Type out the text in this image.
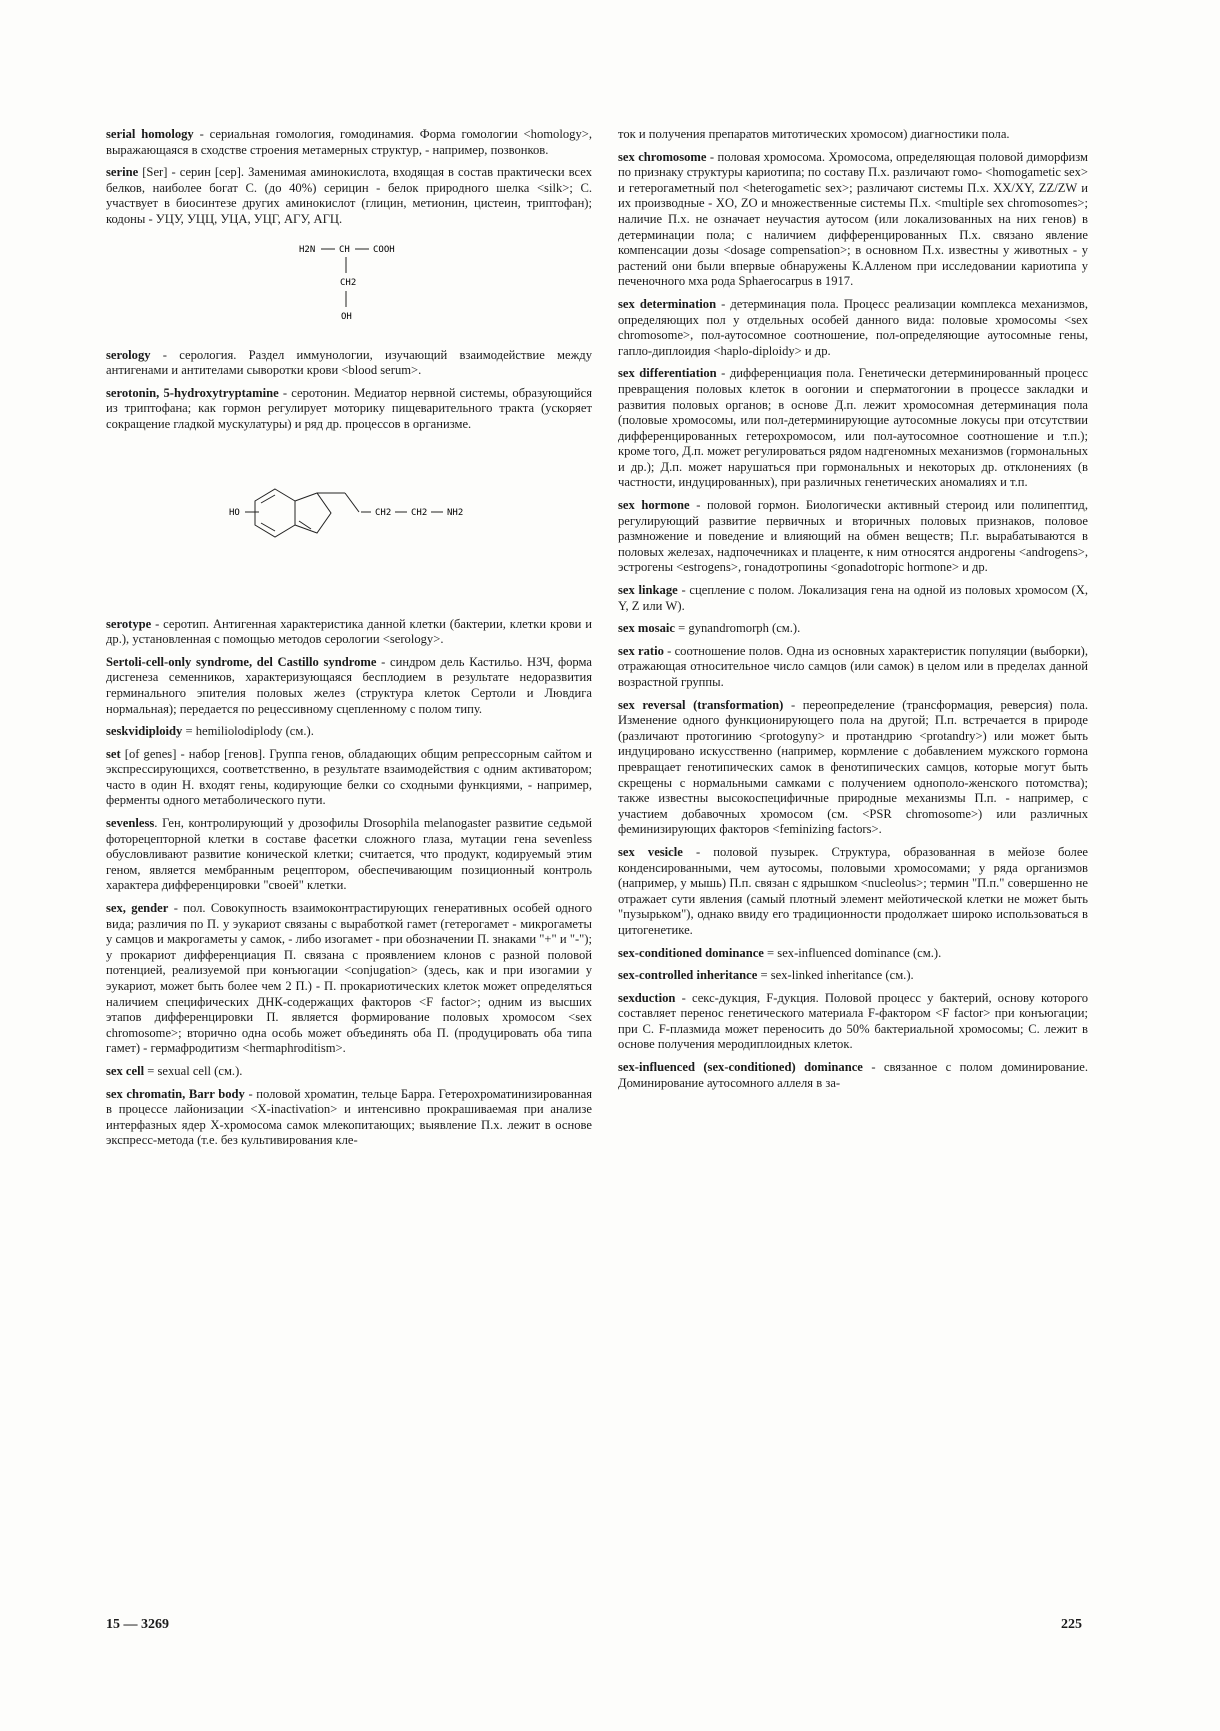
serial homology - сериальная гомология, гомодинамия. Форма гомологии <homology>, выражающаяся в сходстве строения метамерных структур, - например, позвонков.

serine [Ser] - серин [сер]. Заменимая аминокислота, входящая в состав практически всех белков, наиболее богат С. (до 40%) серицин - белок природного шелка <silk>; С. участвует в биосинтезе других аминокислот (глицин, метионин, цистеин, триптофан); кодоны - УЦУ, УЦЦ, УЦА, УЦГ, АГУ, АГЦ.

H2N	CH	COOH
CH2
OH

serology - серология. Раздел иммунологии, изучающий взаимодействие между антигенами и антителами сыворотки крови <blood serum>.

serotonin, 5-hydroxytryptamine - серотонин. Медиатор нервной системы, образующийся из триптофана; как гормон регулирует моторику пищеварительного тракта (ускоряет сокращение гладкой мускулатуры) и ряд др. процессов в организме.

HO	CH2 CH2 NH2

serotype - серотип. Антигенная характеристика данной клетки (бактерии, клетки крови и др.), установленная с помощью методов серологии <serology>.

Sertoli-cell-only syndrome, del Castillo syndrome - синдром дель Кастильо. НЗЧ, форма дисгенеза семенников, характеризующаяся бесплодием в результате недоразвития герминального эпителия половых желез (структура клеток Сертоли и Лювдига нормальная); передается по рецессивному сцепленному с полом типу.

seskvidiploidy = hemiliolodiplody (см.).

set [of genes] - набор [генов]. Группа генов, обладающих общим репрессорным сайтом и экспрессирующихся, соответственно, в результате взаимодействия с одним активатором; часто в один Н. входят гены, кодирующие белки со сходными функциями, - например, ферменты одного метаболического пути.

sevenless. Ген, контролирующий у дрозофилы Drosophila melanogaster развитие седьмой фоторецепторной клетки в составе фасетки сложного глаза, мутации гена sevenless обусловливают развитие конической клетки; считается, что продукт, кодируемый этим геном, является мембранным рецептором, обеспечивающим позиционный контроль характера дифференцировки "своей" клетки.

sex, gender - пол. Совокупность взаимоконтрастирующих генеративных особей одного вида; различия по П. у эукариот связаны с выработкой гамет (гетерогамет - микрогаметы у самцов и макрогаметы у самок, - либо изогамет - при обозначении П. знаками "+" и "-"); у прокариот дифференциация П. связана с проявлением клонов с разной половой потенцией, реализуемой при конъюгации <conjugation> (здесь, как и при изогамии у эукариот, может быть более чем 2 П.) - П. прокариотических клеток может определяться наличием специфических ДНК-содержащих факторов <F factor>; одним из высших этапов дифференцировки П. является формирование половых хромосом <sex chromosome>; вторично одна особь может объединять оба П. (продуцировать оба типа гамет) - гермафродитизм <hermaphroditism>.

sex cell = sexual cell (см.).

sex chromatin, Barr body - половой хроматин, тельце Барра. Гетерохроматинизированная в процессе лайонизации <X-inactivation> и интенсивно прокрашиваемая при анализе интерфазных ядер X-хромосома самок млекопитающих; выявление П.х. лежит в основе экспресс-метода (т.е. без культивирования кле-

ток и получения препаратов митотических хромосом) диагностики пола.

sex chromosome - половая хромосома. Хромосома, определяющая половой диморфизм по признаку структуры кариотипа; по составу П.х. различают гомо- <homogametic sex> и гетерогаметный пол <heterogametic sex>; различают системы П.х. XX/XY, ZZ/ZW и их производные - XO, ZO и множественные системы П.х. <multiple sex chromosomes>; наличие П.х. не означает неучастия аутосом (или локализованных на них генов) в детерминации пола; с наличием дифференцированных П.х. связано явление компенсации дозы <dosage compensation>; в основном П.х. известны у животных - у растений они были впервые обнаружены К.Алленом при исследовании кариотипа у печеночного мха рода Sphaerocarpus в 1917.

sex determination - детерминация пола. Процесс реализации комплекса механизмов, определяющих пол у отдельных особей данного вида: половые хромосомы <sex chromosome>, пол-аутосомное соотношение, пол-определяющие аутосомные гены, гапло-диплоидия <haplo-diploidy> и др.

sex differentiation - дифференциация пола. Генетически детерминированный процесс превращения половых клеток в оогонии и сперматогонии в процессе закладки и развития половых органов; в основе Д.п. лежит хромосомная детерминация пола (половые хромосомы, или пол-детерминирующие аутосомные локусы при отсутствии дифференцированных гетерохромосом, или пол-аутосомное соотношение и т.п.); кроме того, Д.п. может регулироваться рядом надгеномных механизмов (гормональных и др.); Д.п. может нарушаться при гормональных и некоторых др. отклонениях (в частности, индуцированных), при различных генетических аномалиях и т.п.

sex hormone - половой гормон. Биологически активный стероид или полипептид, регулирующий развитие первичных и вторичных половых признаков, половое размножение и поведение и влияющий на обмен веществ; П.г. вырабатываются в половых железах, надпочечниках и плаценте, к ним относятся андрогены <androgens>, эстрогены <estrogens>, гонадотропины <gonadotropic hormone> и др.

sex linkage - сцепление с полом. Локализация гена на одной из половых хромосом (X, Y, Z или W).

sex mosaic = gynandromorph (см.).

sex ratio - соотношение полов. Одна из основных характеристик популяции (выборки), отражающая относительное число самцов (или самок) в целом или в пределах данной возрастной группы.

sex reversal (transformation) - переопределение (трансформация, реверсия) пола. Изменение одного функционирующего пола на другой; П.п. встречается в природе (различают протогинию <protogyny> и протандрию <protandry>) или может быть индуцировано искусственно (например, кормление с добавлением мужского гормона превращает генотипических самок в фенотипических самцов, которые могут быть скрещены с нормальными самками с получением однополо-женского потомства); также известны высокоспецифичные природные механизмы П.п. - например, с участием добавочных хромосом (см. <PSR chromosome>) или различных феминизирующих факторов <feminizing factors>.

sex vesicle - половой пузырек. Структура, образованная в мейозе более конденсированными, чем аутосомы, половыми хромосомами; у ряда организмов (например, у мышь) П.п. связан с ядрышком <nucleolus>; термин "П.п." совершенно не отражает сути явления (самый плотный элемент мейотической клетки не может быть "пузырьком"), однако ввиду его традиционности продолжает широко использоваться в цитогенетике.

sex-conditioned dominance = sex-influenced dominance (см.).

sex-controlled inheritance = sex-linked inheritance (см.).

sexduction - секс-дукция, F-дукция. Половой процесс у бактерий, основу которого составляет перенос генетического материала F-фактором <F factor> при конъюгации; при С. F-плазмида может переносить до 50% бактериальной хромосомы; С. лежит в основе получения меродиплоидных клеток.

sex-influenced (sex-conditioned) dominance - связанное с полом доминирование. Доминирование аутосомного аллеля в за-

15 — 3269	225
